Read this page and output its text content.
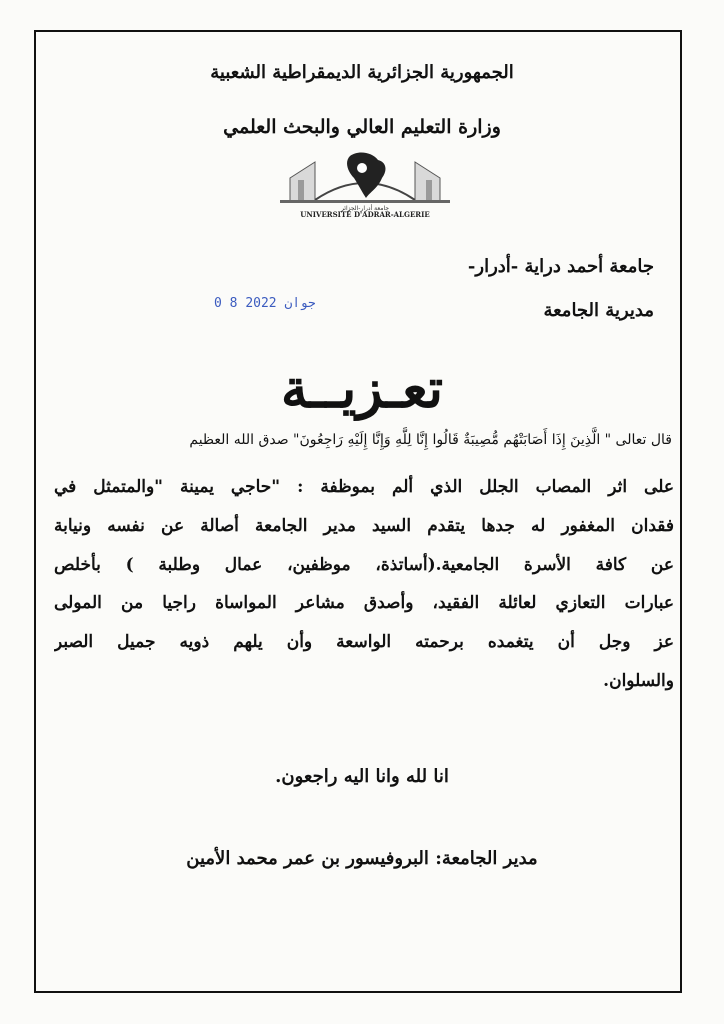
الجمهورية الجزائرية الديمقراطية الشعبية
وزارة التعليم العالي والبحث العلمي
جامعة أدرار-الجزائر
UNIVERSITÉ D'ADRAR-ALGERIE
جامعة أحمد دراية -أدرار-
0 8 جوان 2022	مديرية الجامعة
تعـزيــة
قال تعالى " الَّذِينَ إِذَا أَصَابَتْهُم مُّصِيبَةٌ قَالُوا إِنَّا لِلَّهِ وَإِنَّا إِلَيْهِ رَاجِعُونَ" صدق الله العظيم
على اثر المصاب الجلل الذي ألم بموظفة : "حاجي يمينة "والمتمثل في
فقدان المغفور له جدها يتقدم السيد مدير الجامعة أصالة عن نفسه ونيابة
عن كافة الأسرة الجامعية.(أساتذة، موظفين، عمال وطلبة ) بأخلص
عبارات التعازي لعائلة الفقيد، وأصدق مشاعر المواساة راجيا من المولى
عز وجل أن يتغمده برحمته الواسعة وأن يلهم ذويه جميل الصبر
والسلوان.
انا لله وانا اليه راجعون.
مدير الجامعة: البروفيسور بن عمر محمد الأمين
